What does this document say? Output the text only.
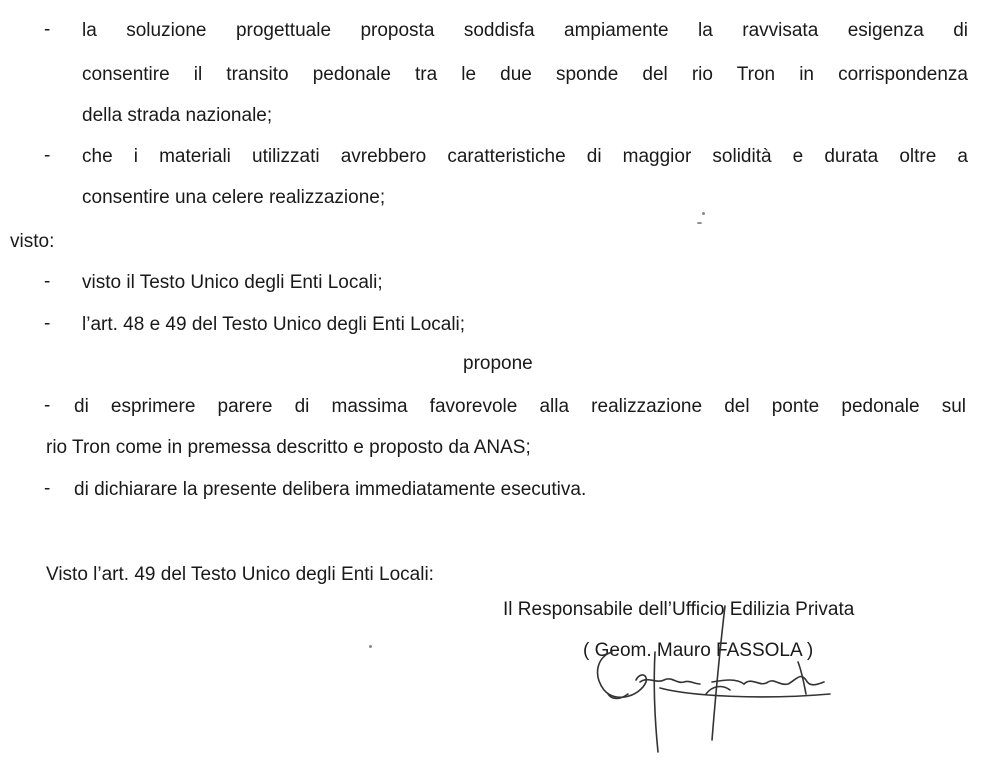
- la soluzione progettuale proposta soddisfa ampiamente la ravvisata esigenza di
consentire il transito pedonale tra le due sponde del rio Tron in corrispondenza
della strada nazionale;
- che i materiali utilizzati avrebbero caratteristiche di maggior solidità e durata oltre a
consentire una celere realizzazione;
visto:
- visto il Testo Unico degli Enti Locali;
- l’art. 48 e 49 del Testo Unico degli Enti Locali;
propone
- di esprimere parere di massima favorevole alla realizzazione del ponte pedonale sul
rio Tron come in premessa descritto e proposto da ANAS;
- di dichiarare la presente delibera immediatamente esecutiva.
Visto l’art. 49 del Testo Unico degli Enti Locali:
Il Responsabile dell’Ufficio Edilizia Privata
( Geom. Mauro FASSOLA )
